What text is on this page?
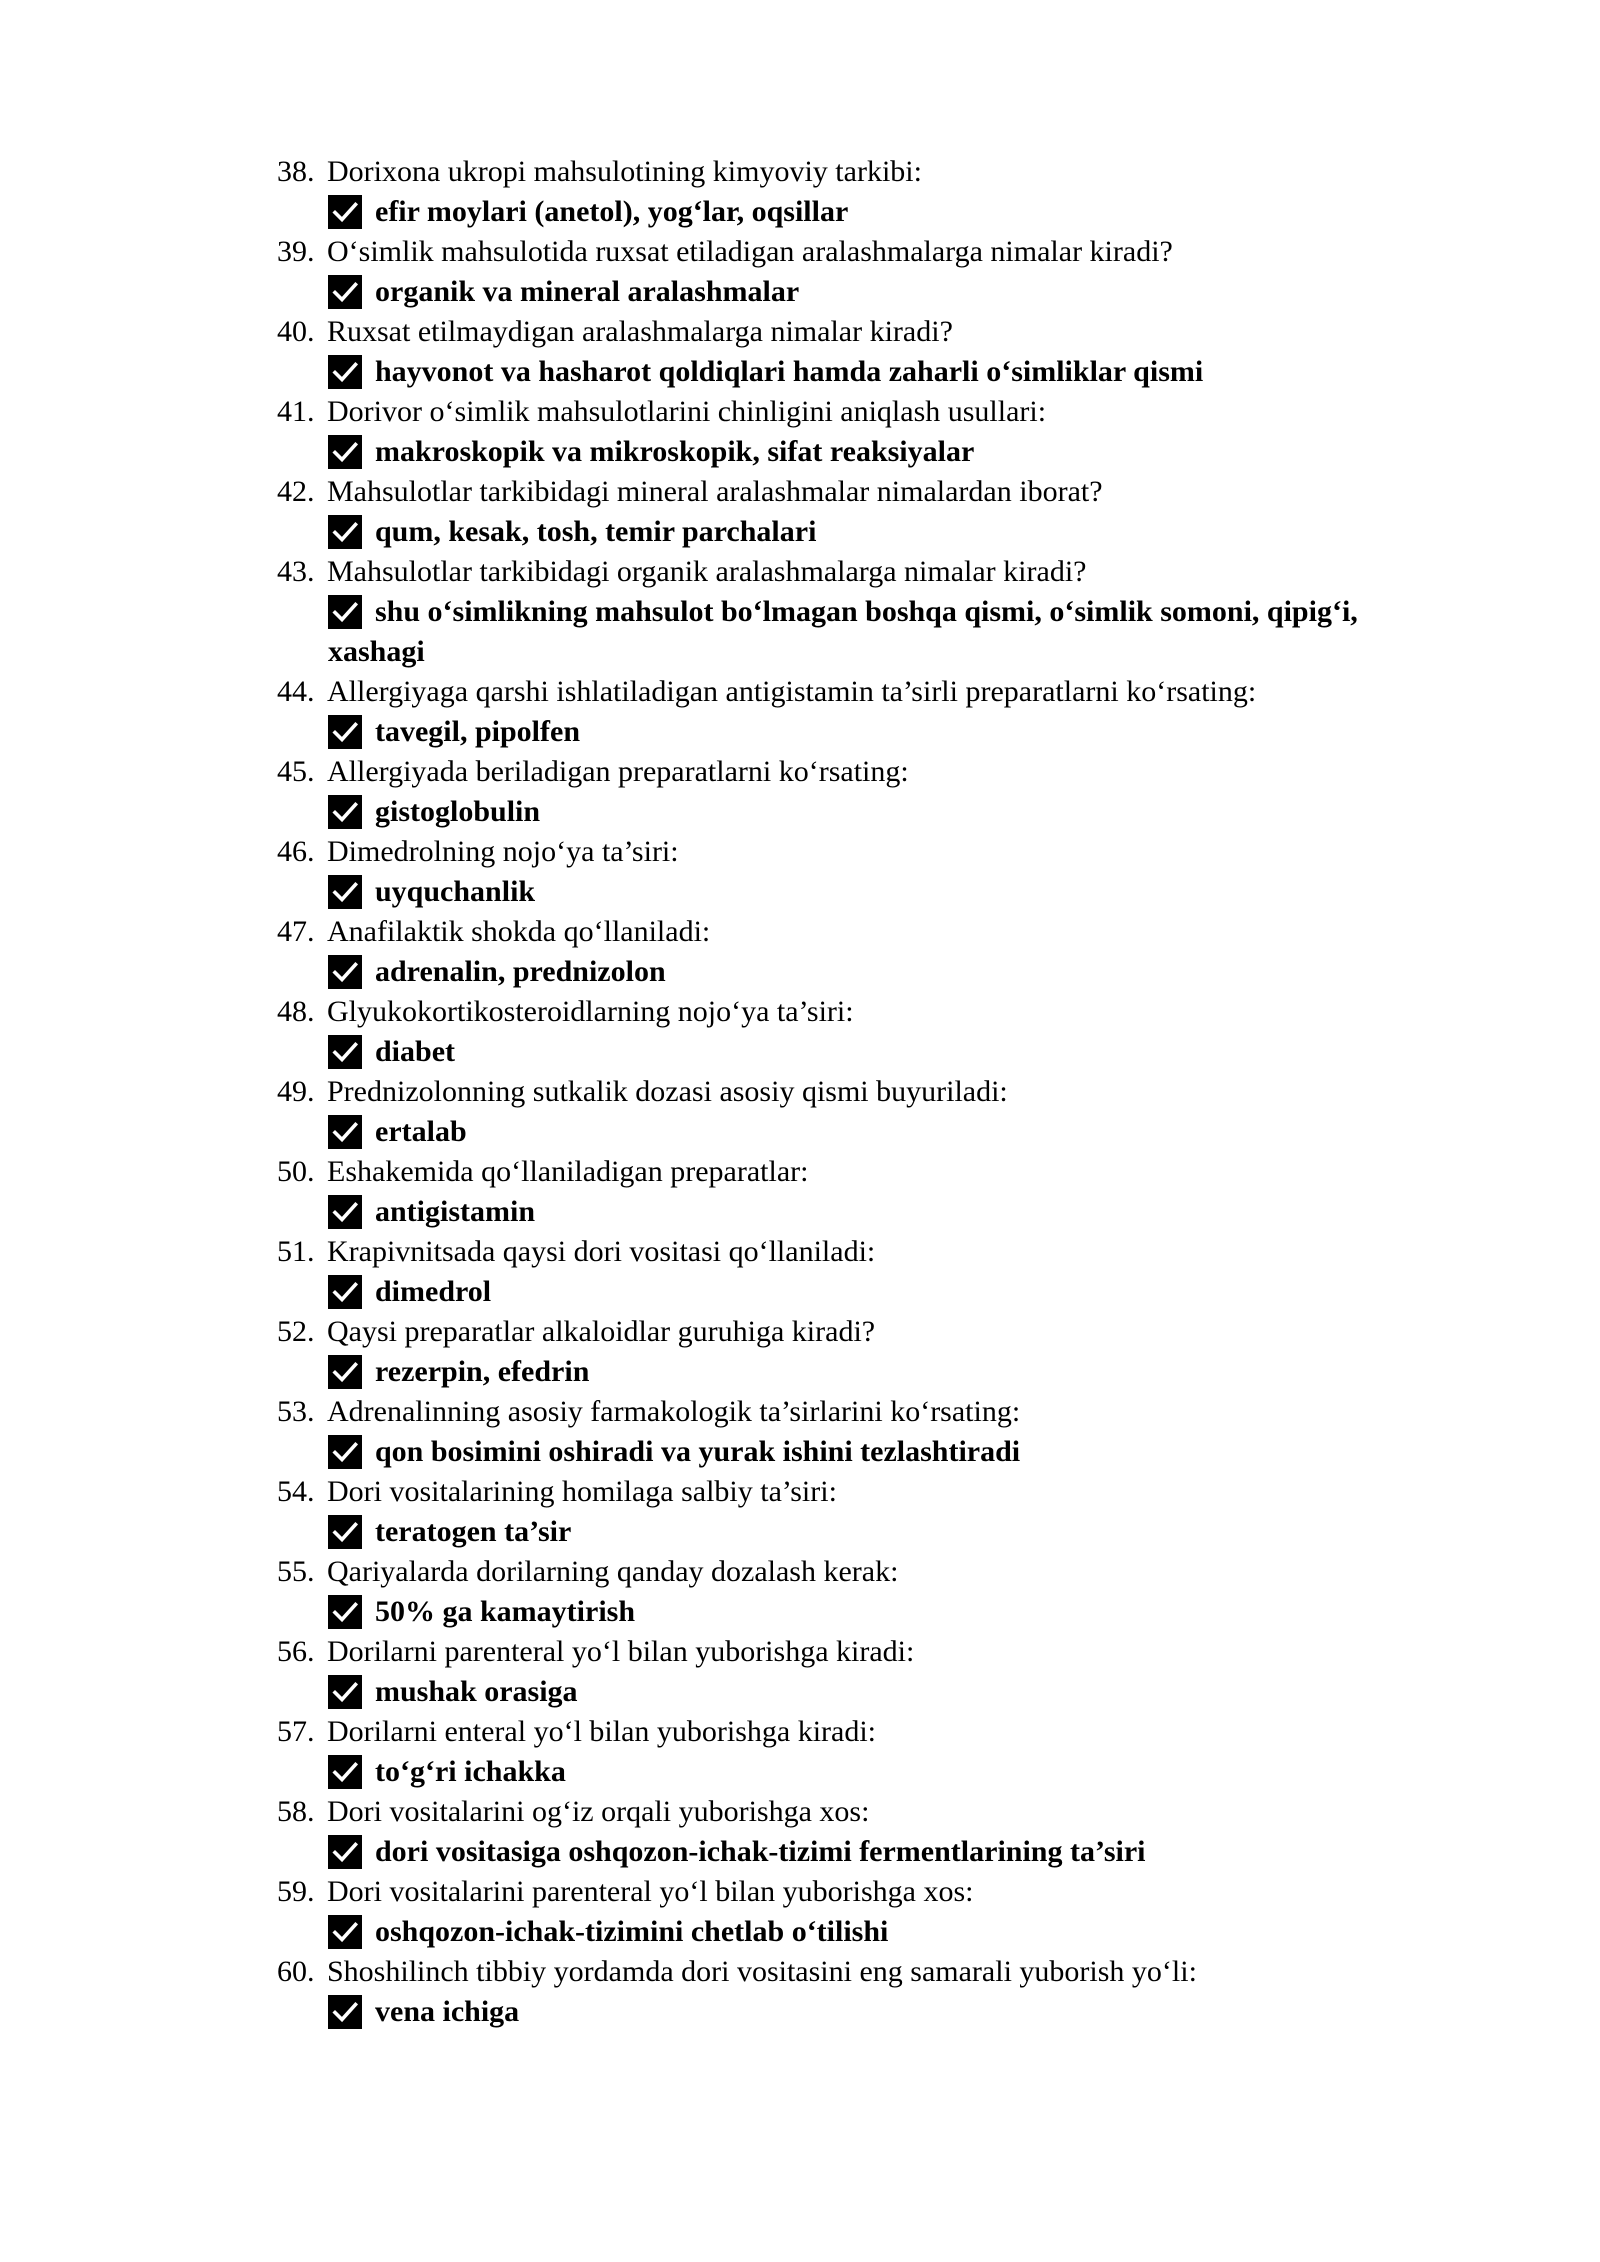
38. Dorixona ukropi mahsulotining kimyoviy tarkibi:
efir moylari (anetol), yog‘lar, oqsillar
39. O‘simlik mahsulotida ruxsat etiladigan aralashmalarga nimalar kiradi?
organik va mineral aralashmalar
40. Ruxsat etilmaydigan aralashmalarga nimalar kiradi?
hayvonot va hasharot qoldiqlari hamda zaharli o‘simliklar qismi
41. Dorivor o‘simlik mahsulotlarini chinligini aniqlash usullari:
makroskopik va mikroskopik, sifat reaksiyalar
42. Mahsulotlar tarkibidagi mineral aralashmalar nimalardan iborat?
qum, kesak, tosh, temir parchalari
43. Mahsulotlar tarkibidagi organik aralashmalarga nimalar kiradi?
shu o‘simlikning mahsulot bo‘lmagan boshqa qismi, o‘simlik somoni, qipig‘i, xashagi
44. Allergiyaga qarshi ishlatiladigan antigistamin ta’sirli preparatlarni ko‘rsating:
tavegil, pipolfen
45. Allergiyada beriladigan preparatlarni ko‘rsating:
gistoglobulin
46. Dimedrolning nojo‘ya ta’siri:
uyquchanlik
47. Anafilaktik shokda qo‘llaniladi:
adrenalin, prednizolon
48. Glyukokortikosteroidlarning nojo‘ya ta’siri:
diabet
49. Prednizolonning sutkalik dozasi asosiy qismi buyuriladi:
ertalab
50. Eshakemida qo‘llaniladigan preparatlar:
antigistamin
51. Krapivnitsada qaysi dori vositasi qo‘llaniladi:
dimedrol
52. Qaysi preparatlar alkaloidlar guruhiga kiradi?
rezerpin, efedrin
53. Adrenalinning asosiy farmakologik ta’sirlarini ko‘rsating:
qon bosimini oshiradi va yurak ishini tezlashtiradi
54. Dori vositalarining homilaga salbiy ta’siri:
teratogen ta’sir
55. Qariyalarda dorilarning qanday dozalash kerak:
50% ga kamaytirish
56. Dorilarni parenteral yo‘l bilan yuborishga kiradi:
mushak orasiga
57. Dorilarni enteral yo‘l bilan yuborishga kiradi:
to‘g‘ri ichakka
58. Dori vositalarini og‘iz orqali yuborishga xos:
dori vositasiga oshqozon-ichak-tizimi fermentlarining ta’siri
59. Dori vositalarini parenteral yo‘l bilan yuborishga xos:
oshqozon-ichak-tizimini chetlab o‘tilishi
60. Shoshilinch tibbiy yordamda dori vositasini eng samarali yuborish yo‘li:
vena ichiga
